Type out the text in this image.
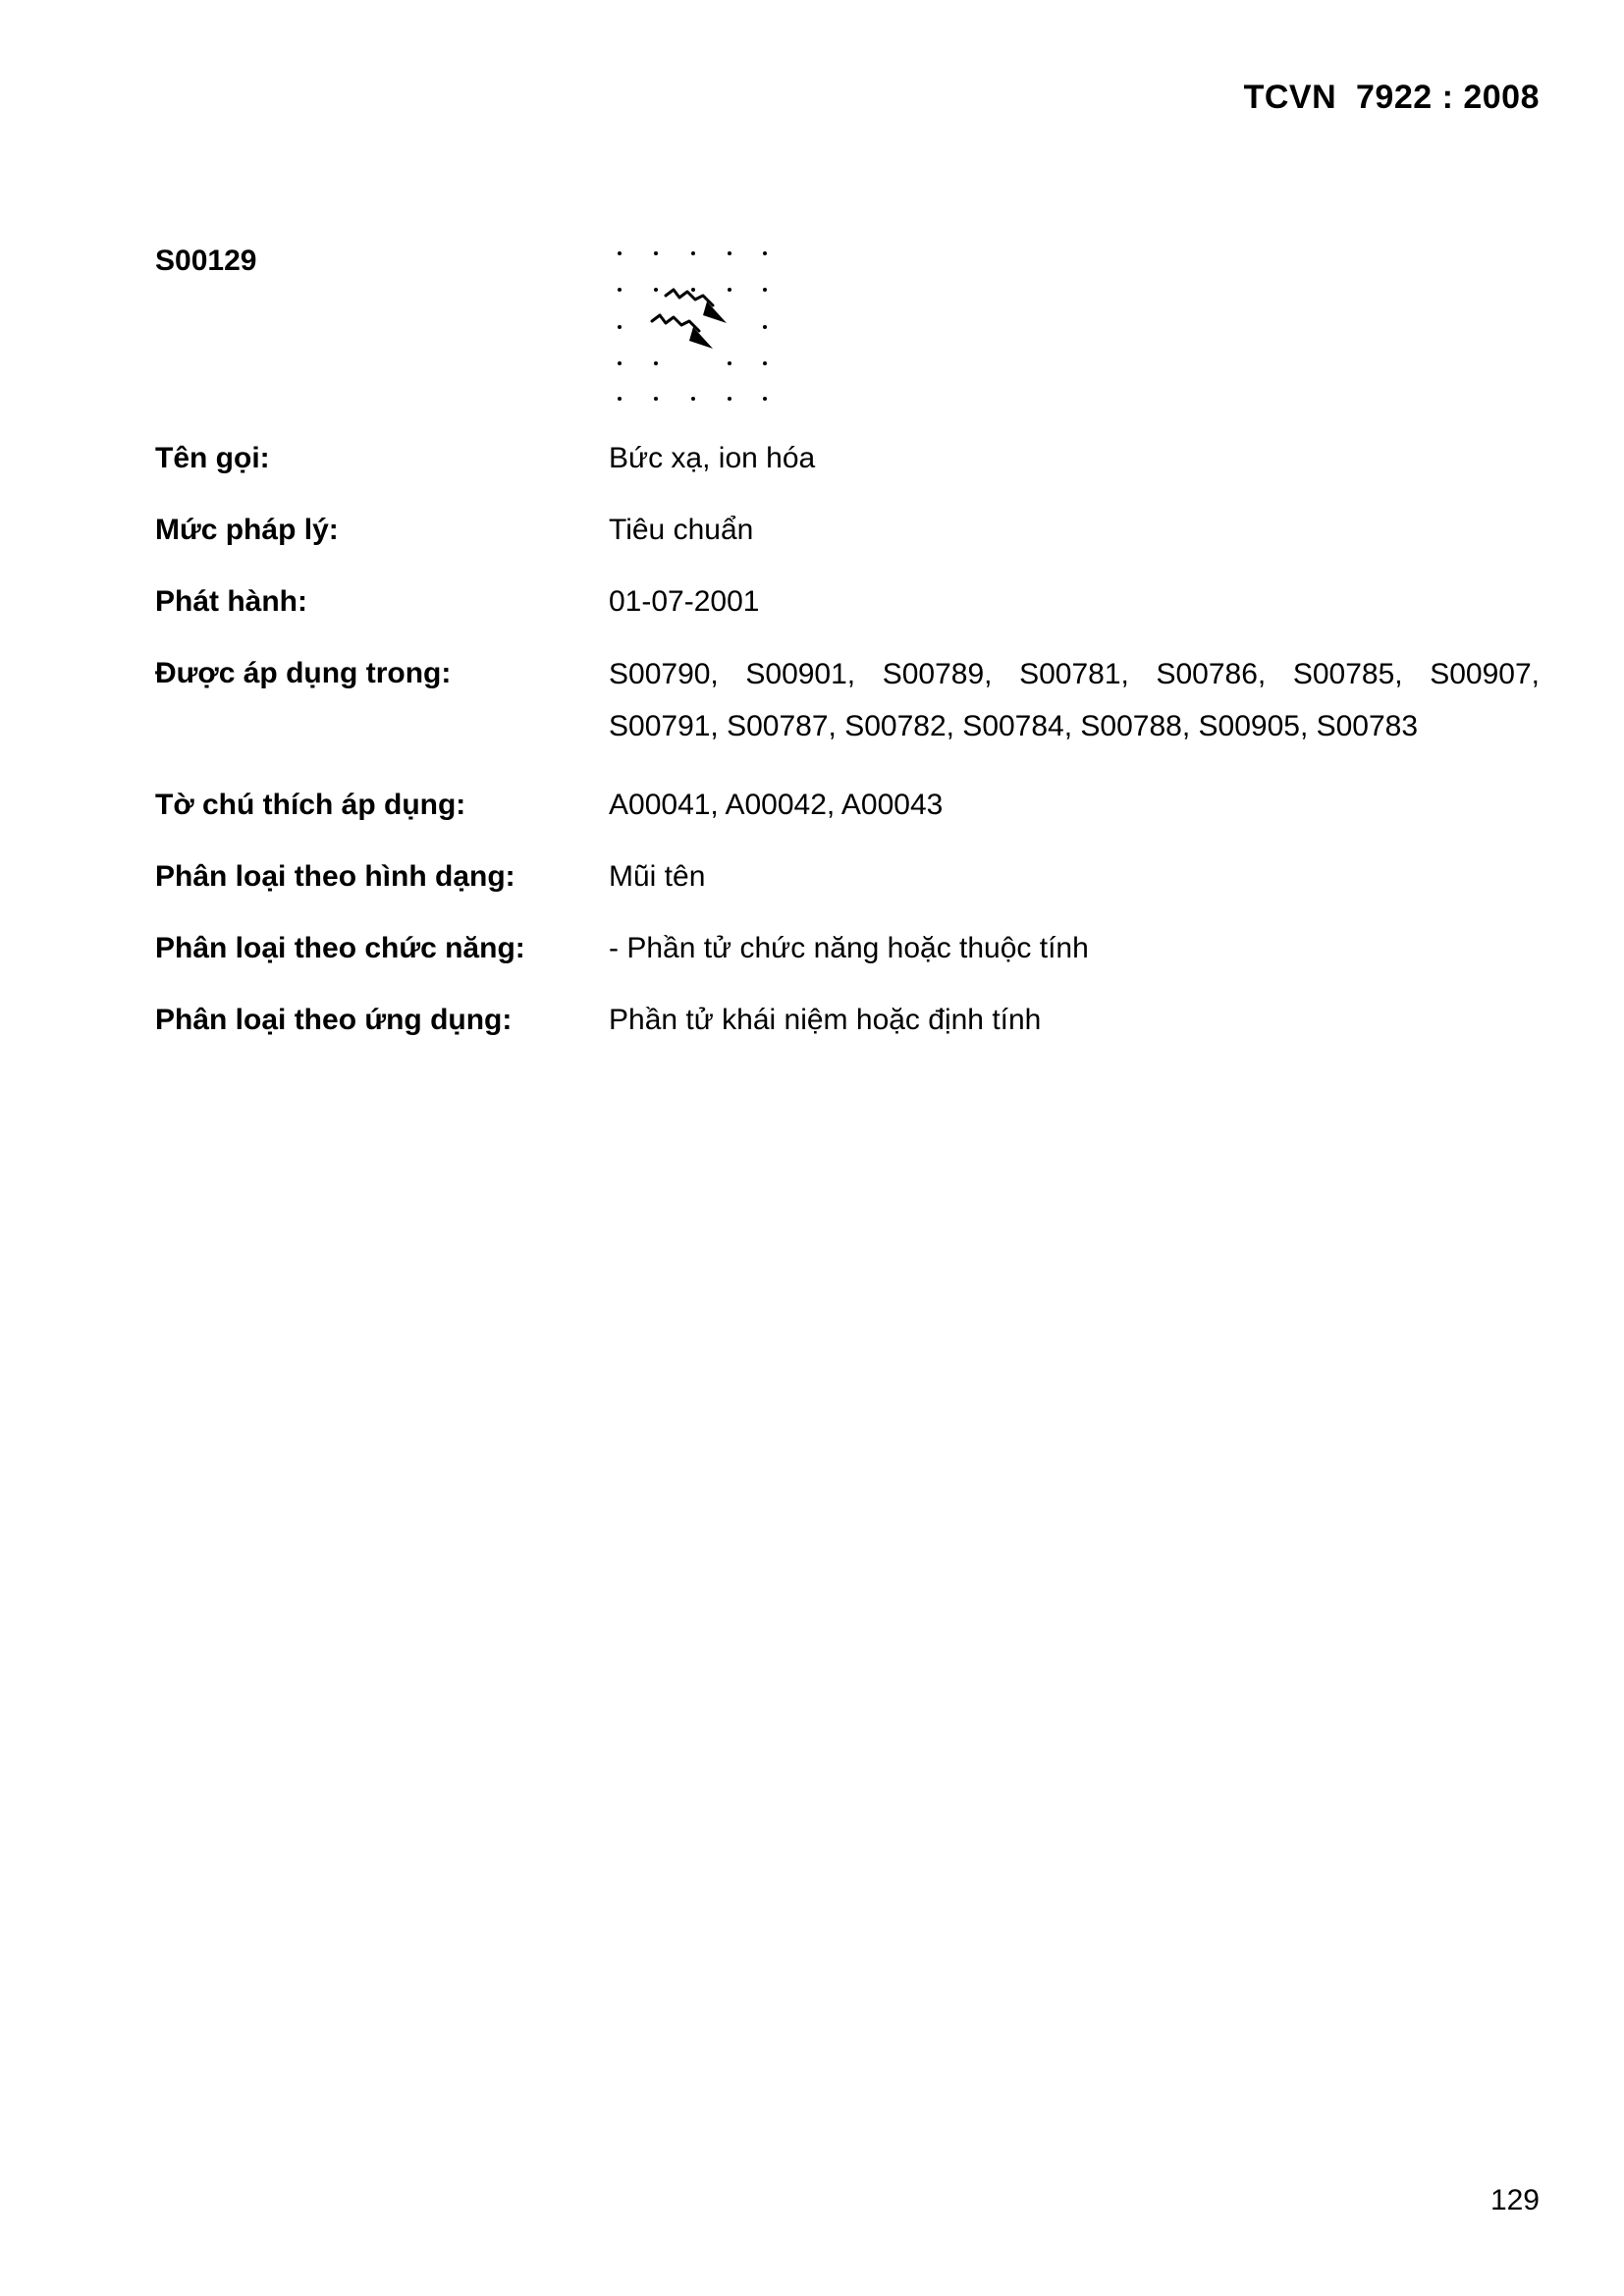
TCVN  7922 : 2008
S00129
Tên gọi:	Bức xạ, ion hóa
Mức pháp lý:	Tiêu chuẩn
Phát hành:	01-07-2001
Được áp dụng trong:	S00790, S00901, S00789, S00781, S00786, S00785, S00907, S00791, S00787, S00782, S00784, S00788, S00905, S00783
Tờ chú thích áp dụng:	A00041, A00042, A00043
Phân loại theo hình dạng:	Mũi tên
Phân loại theo chức năng:	- Phần tử chức năng hoặc thuộc tính
Phân loại theo ứng dụng:	Phần tử khái niệm hoặc định tính
129
